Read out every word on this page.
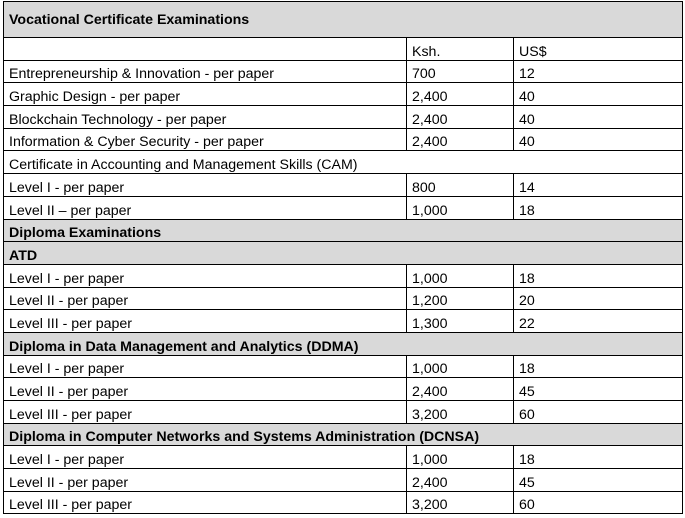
Vocational Certificate Examinations		
	Ksh.	US$
Entrepreneurship & Innovation - per paper	700	12
Graphic Design - per paper	2,400	40
Blockchain Technology - per paper	2,400	40
Information & Cyber Security - per paper	2,400	40
Certificate in Accounting and Management Skills (CAM)		
Level I - per paper	800	14
Level II – per paper	1,000	18
Diploma Examinations		
ATD		
Level I - per paper	1,000	18
Level II - per paper	1,200	20
Level III - per paper	1,300	22
Diploma in Data Management and Analytics (DDMA)		
Level I - per paper	1,000	18
Level II - per paper	2,400	45
Level III - per paper	3,200	60
Diploma in Computer Networks and Systems Administration (DCNSA)		
Level I - per paper	1,000	18
Level II - per paper	2,400	45
Level III - per paper	3,200	60
